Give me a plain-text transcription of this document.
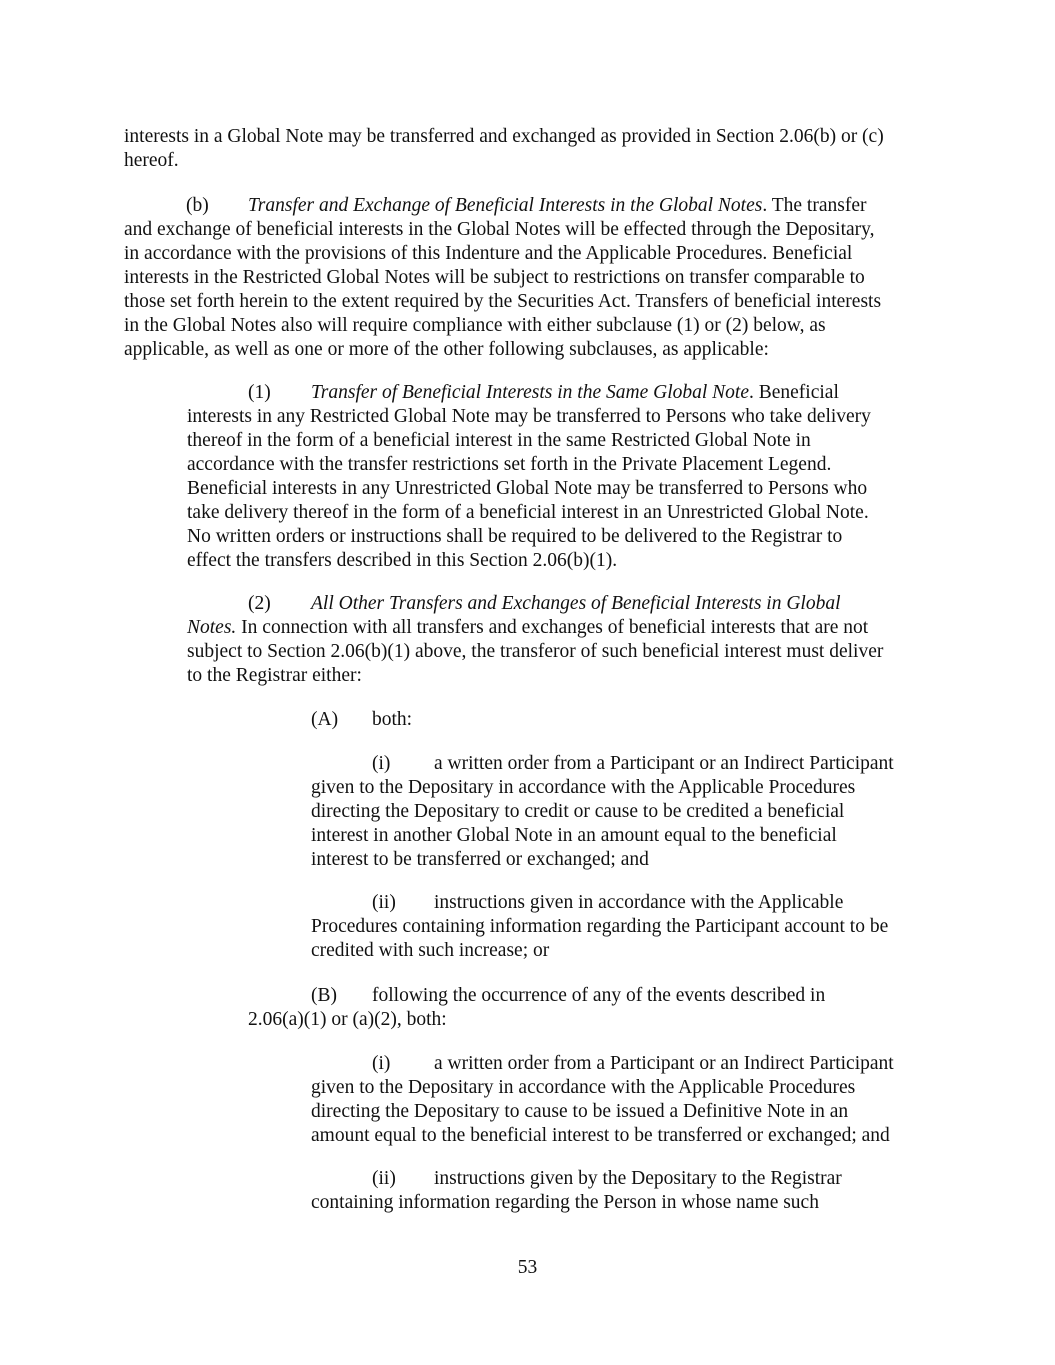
interests in a Global Note may be transferred and exchanged as provided in Section 2.06(b) or (c)
hereof.
(b) Transfer and Exchange of Beneficial Interests in the Global Notes. The transfer
and exchange of beneficial interests in the Global Notes will be effected through the Depositary,
in accordance with the provisions of this Indenture and the Applicable Procedures. Beneficial
interests in the Restricted Global Notes will be subject to restrictions on transfer comparable to
those set forth herein to the extent required by the Securities Act. Transfers of beneficial interests
in the Global Notes also will require compliance with either subclause (1) or (2) below, as
applicable, as well as one or more of the other following subclauses, as applicable:
(1) Transfer of Beneficial Interests in the Same Global Note. Beneficial
interests in any Restricted Global Note may be transferred to Persons who take delivery
thereof in the form of a beneficial interest in the same Restricted Global Note in
accordance with the transfer restrictions set forth in the Private Placement Legend.
Beneficial interests in any Unrestricted Global Note may be transferred to Persons who
take delivery thereof in the form of a beneficial interest in an Unrestricted Global Note.
No written orders or instructions shall be required to be delivered to the Registrar to
effect the transfers described in this Section 2.06(b)(1).
(2) All Other Transfers and Exchanges of Beneficial Interests in Global
Notes. In connection with all transfers and exchanges of beneficial interests that are not
subject to Section 2.06(b)(1) above, the transferor of such beneficial interest must deliver
to the Registrar either:
(A) both:
(i) a written order from a Participant or an Indirect Participant
given to the Depositary in accordance with the Applicable Procedures
directing the Depositary to credit or cause to be credited a beneficial
interest in another Global Note in an amount equal to the beneficial
interest to be transferred or exchanged; and
(ii) instructions given in accordance with the Applicable
Procedures containing information regarding the Participant account to be
credited with such increase; or
(B) following the occurrence of any of the events described in
2.06(a)(1) or (a)(2), both:
(i) a written order from a Participant or an Indirect Participant
given to the Depositary in accordance with the Applicable Procedures
directing the Depositary to cause to be issued a Definitive Note in an
amount equal to the beneficial interest to be transferred or exchanged; and
(ii) instructions given by the Depositary to the Registrar
containing information regarding the Person in whose name such
53
